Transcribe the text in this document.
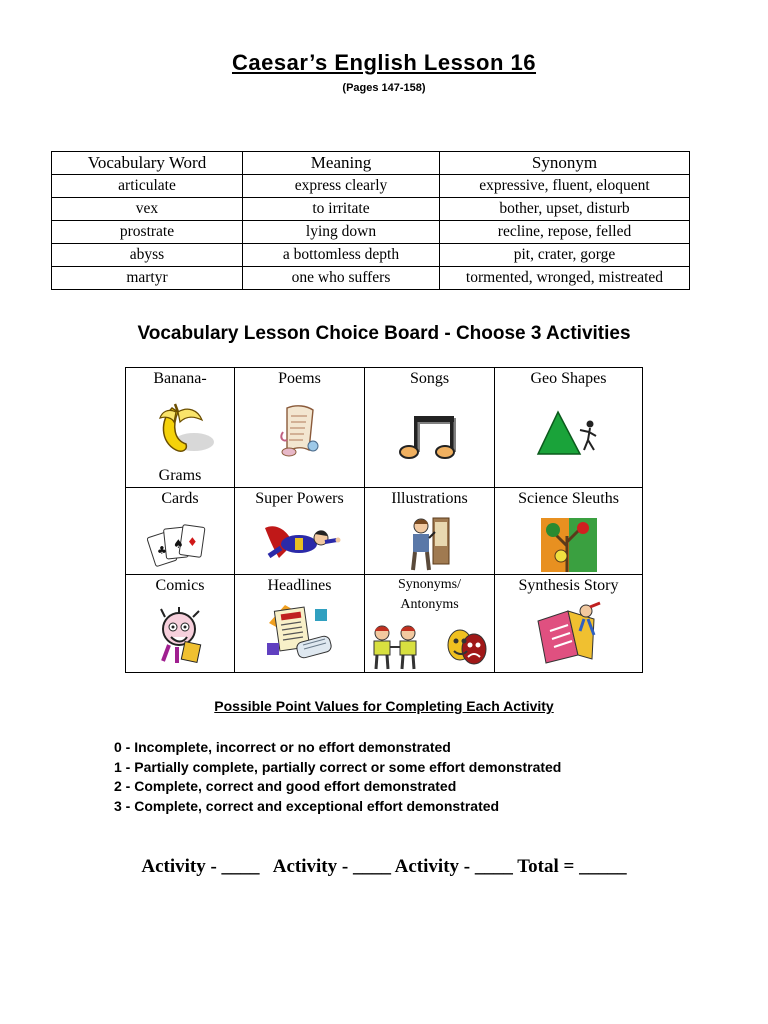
Caesar’s English Lesson 16
(Pages 147-158)
Vocabulary Word	Meaning	Synonym
articulate	express clearly	expressive, fluent, eloquent
vex	to irritate	bother, upset, disturb
prostrate	lying down	recline, repose, felled
abyss	a bottomless depth	pit, crater, gorge
martyr	one who suffers	tormented, wronged, mistreated
Vocabulary Lesson Choice Board - Choose 3 Activities
Banana-
Grams
Poems	Songs	Geo Shapes
Cards
♠ ♦
♣
Super Powers	Illustrations	Science Sleuths
Comics	Headlines	Synonyms/
Antonyms
Synthesis Story
Possible Point Values for Completing Each Activity
0 - Incomplete, incorrect or no effort demonstrated
1 - Partially complete, partially correct or some effort demonstrated
2 - Complete, correct and good effort demonstrated
3 - Complete, correct and exceptional effort demonstrated
Activity - ____   Activity - ____ Activity - ____ Total = _____
